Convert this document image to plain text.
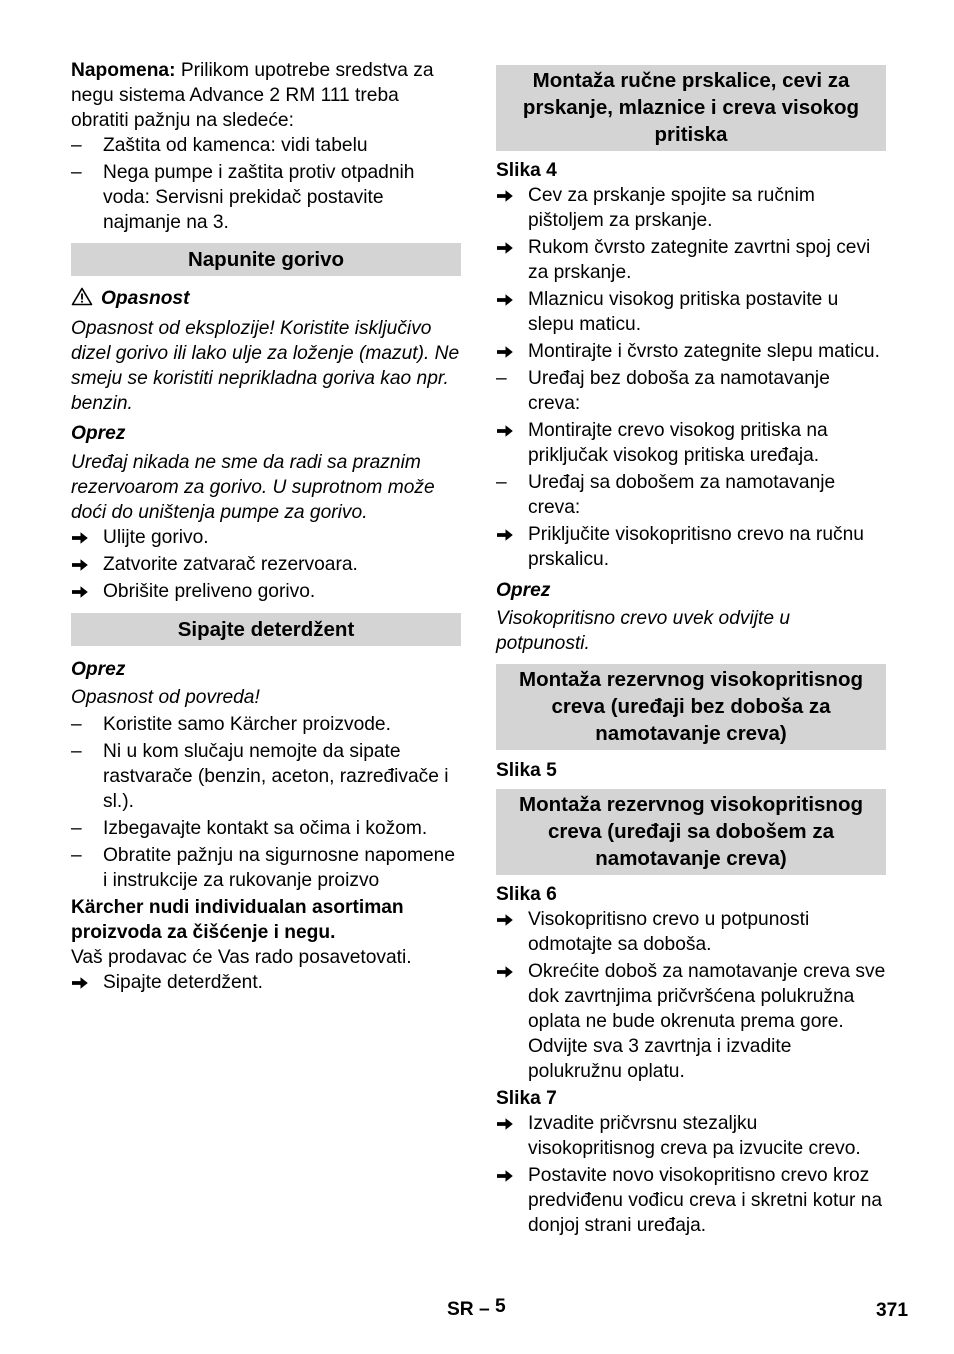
Napomena: Prilikom upotrebe sredstva za negu sistema Advance 2 RM 111 treba obratiti pažnju na sledeće:

– Zaštita od kamenca: vidi tabelu
– Nega pumpe i zaštita protiv otpadnih voda: Servisni prekidač postavite najmanje na 3.
Napunite gorivo

Opasnost

Opasnost od eksplozije! Koristite isključivo dizel gorivo ili lako ulje za loženje (mazut). Ne smeju se koristiti neprikladna goriva kao npr. benzin.

Oprez

Uređaj nikada ne sme da radi sa praznim rezervoarom za gorivo. U suprotnom može doći do uništenja pumpe za gorivo.

Ulijte gorivo.
Zatvorite zatvarač rezervoara.
Obrišite preliveno gorivo.
Sipajte deterdžent

Oprez

Opasnost od povreda!

– Koristite samo Kärcher proizvode.
– Ni u kom slučaju nemojte da sipate rastvarače (benzin, aceton, razređivače i sl.).
– Izbegavajte kontakt sa očima i kožom.
– Obratite pažnju na sigurnosne napomene i instrukcije za rukovanje proizvo

Kärcher nudi individualan asortiman proizvoda za čišćenje i negu.

Vaš prodavac će Vas rado posavetovati.

Sipajte deterdžent.
Montaža ručne prskalice, cevi za prskanje, mlaznice i creva visokog pritiska

Slika 4

Cev za prskanje spojite sa ručnim pištoljem za prskanje.
Rukom čvrsto zategnite zavrtni spoj cevi za prskanje.
Mlaznicu visokog pritiska postavite u slepu maticu.
Montirajte i čvrsto zategnite slepu maticu.
– Uređaj bez doboša za namotavanje creva:
Montirajte crevo visokog pritiska na priključak visokog pritiska uređaja.
– Uređaj sa dobošem za namotavanje creva:
Priključite visokopritisno crevo na ručnu prskalicu.

Oprez

Visokopritisno crevo uvek odvijte u potpunosti.

Montaža rezervnog visokopritisnog creva (uređaji bez doboša za namotavanje creva)

Slika 5

Montaža rezervnog visokopritisnog creva (uređaji sa dobošem za namotavanje creva)

Slika 6

Visokopritisno crevo u potpunosti odmotajte sa doboša.
Okrećite doboš za namotavanje creva sve dok zavrtnjima pričvršćena polukružna oplata ne bude okrenuta prema gore. Odvijte sva 3 zavrtnja i izvadite polukružnu oplatu.

Slika 7

Izvadite pričvrsnu stezaljku visokopritisnog creva pa izvucite crevo.
Postavite novo visokopritisno crevo kroz predviđenu vođicu creva i skretni kotur na donjoj strani uređaja.
SR – 5	371
